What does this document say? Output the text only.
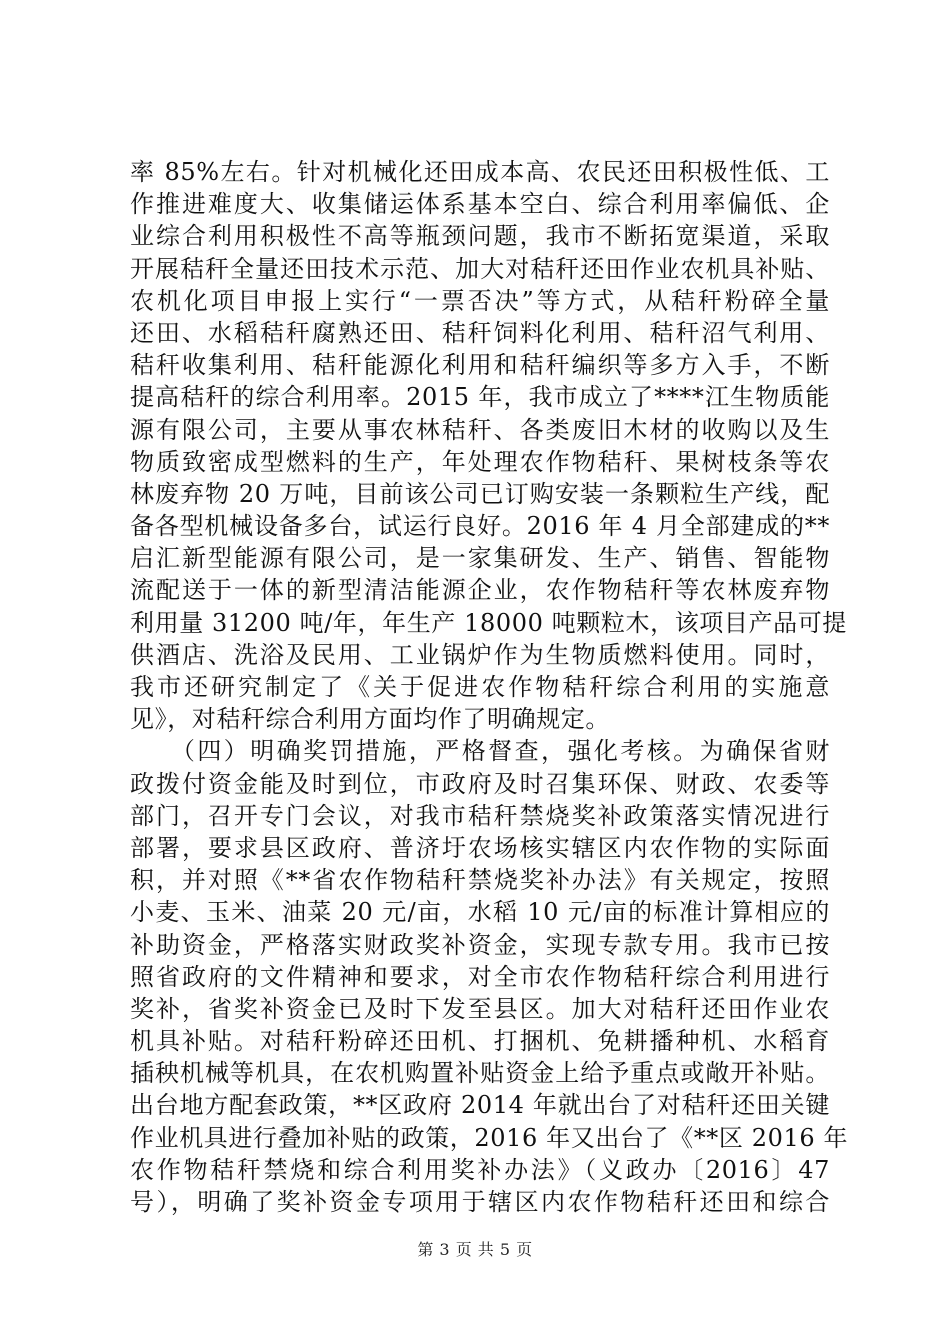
率 85%左右。针对机械化还田成本高、农民还田积极性低、工
作推进难度大、收集储运体系基本空白、综合利用率偏低、企
业综合利用积极性不高等瓶颈问题，我市不断拓宽渠道，采取
开展秸秆全量还田技术示范、加大对秸秆还田作业农机具补贴、
农机化项目申报上实行“一票否决”等方式，从秸秆粉碎全量
还田、水稻秸秆腐熟还田、秸秆饲料化利用、秸秆沼气利用、
秸秆收集利用、秸秆能源化利用和秸秆编织等多方入手，不断
提高秸秆的综合利用率。2015 年，我市成立了****江生物质能
源有限公司，主要从事农林秸秆、各类废旧木材的收购以及生
物质致密成型燃料的生产，年处理农作物秸秆、果树枝条等农
林废弃物 20 万吨，目前该公司已订购安装一条颗粒生产线，配
备各型机械设备多台，试运行良好。2016 年 4 月全部建成的**
启汇新型能源有限公司，是一家集研发、生产、销售、智能物
流配送于一体的新型清洁能源企业，农作物秸秆等农林废弃物
利用量 31200 吨/年，年生产 18000 吨颗粒木，该项目产品可提
供酒店、洗浴及民用、工业锅炉作为生物质燃料使用。同时，
我市还研究制定了《关于促进农作物秸秆综合利用的实施意
见》，对秸秆综合利用方面均作了明确规定。
　　（四）明确奖罚措施，严格督查，强化考核。为确保省财
政拨付资金能及时到位，市政府及时召集环保、财政、农委等
部门，召开专门会议，对我市秸秆禁烧奖补政策落实情况进行
部署，要求县区政府、普济圩农场核实辖区内农作物的实际面
积，并对照《**省农作物秸秆禁烧奖补办法》有关规定，按照
小麦、玉米、油菜 20 元/亩，水稻 10 元/亩的标准计算相应的
补助资金，严格落实财政奖补资金，实现专款专用。我市已按
照省政府的文件精神和要求，对全市农作物秸秆综合利用进行
奖补，省奖补资金已及时下发至县区。加大对秸秆还田作业农
机具补贴。对秸秆粉碎还田机、打捆机、免耕播种机、水稻育
插秧机械等机具，在农机购置补贴资金上给予重点或敞开补贴。
出台地方配套政策，**区政府 2014 年就出台了对秸秆还田关键
作业机具进行叠加补贴的政策，2016 年又出台了《**区 2016 年
农作物秸秆禁烧和综合利用奖补办法》（义政办〔2016〕47
号），明确了奖补资金专项用于辖区内农作物秸秆还田和综合
第 3 页 共 5 页
